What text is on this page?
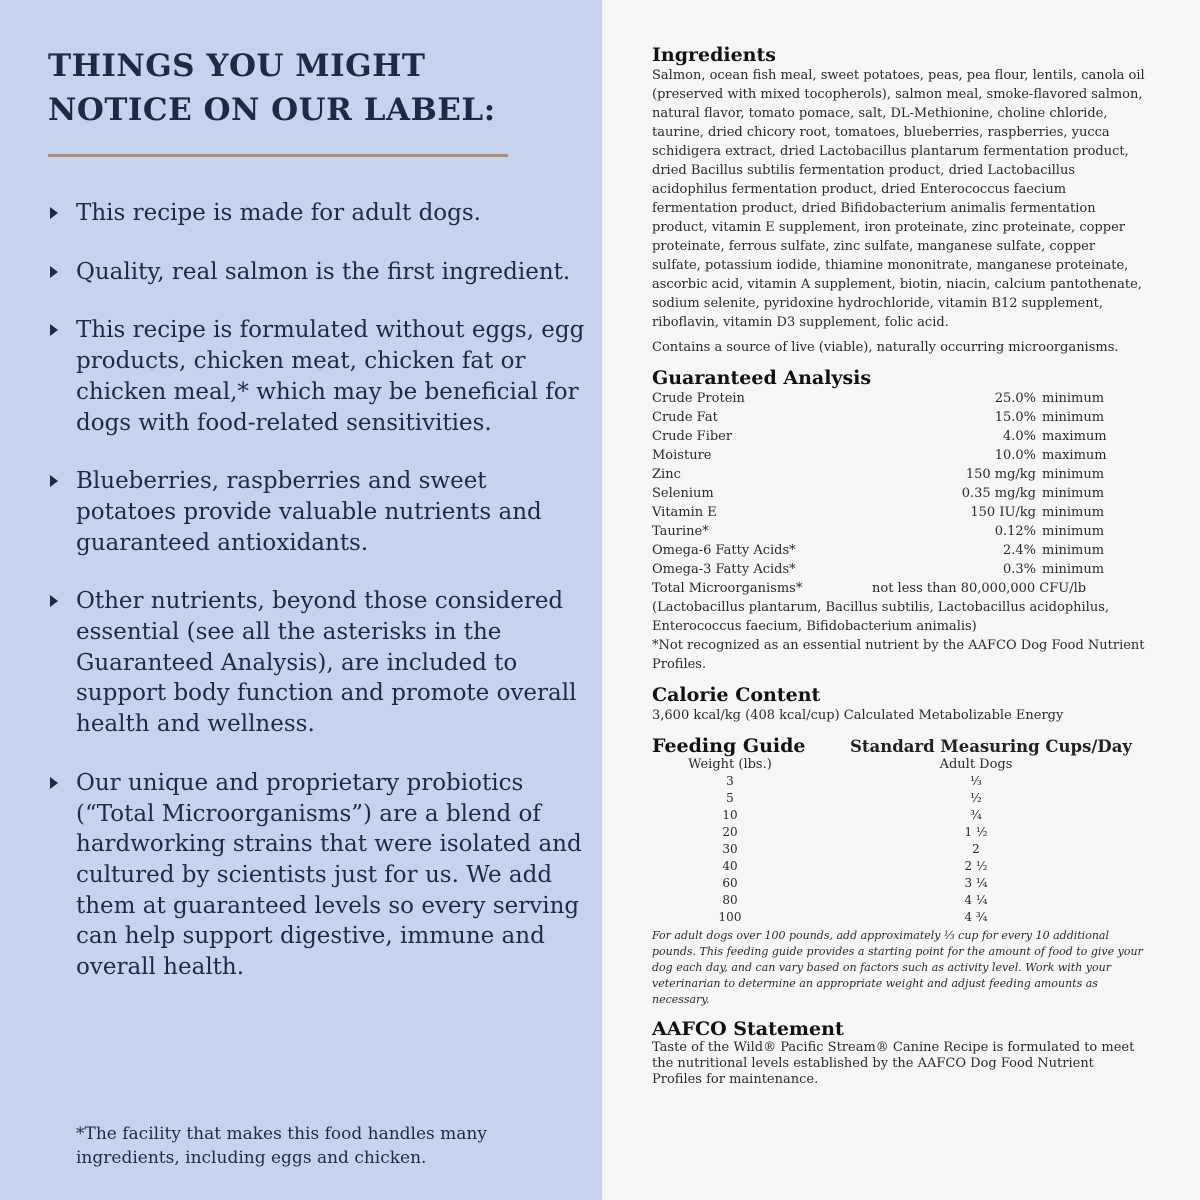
THINGS YOU MIGHT
NOTICE ON OUR LABEL:
This recipe is made for adult dogs.
Quality, real salmon is the first ingredient.
This recipe is formulated without eggs, egg products, chicken meat, chicken fat or chicken meal,* which may be beneficial for dogs with food-related sensitivities.
Blueberries, raspberries and sweet potatoes provide valuable nutrients and guaranteed antioxidants.
Other nutrients, beyond those considered essential (see all the asterisks in the Guaranteed Analysis), are included to support body function and promote overall health and wellness.
Our unique and proprietary probiotics (“Total Microorganisms”) are a blend of hardworking strains that were isolated and cultured by scientists just for us. We add them at guaranteed levels so every serving can help support digestive, immune and overall health.
*The facility that makes this food handles many ingredients, including eggs and chicken.
Ingredients
Salmon, ocean fish meal, sweet potatoes, peas, pea flour, lentils, canola oil (preserved with mixed tocopherols), salmon meal, smoke-flavored salmon, natural flavor, tomato pomace, salt, DL-Methionine, choline chloride, taurine, dried chicory root, tomatoes, blueberries, raspberries, yucca schidigera extract, dried Lactobacillus plantarum fermentation product, dried Bacillus subtilis fermentation product, dried Lactobacillus acidophilus fermentation product, dried Enterococcus faecium fermentation product, dried Bifidobacterium animalis fermentation product, vitamin E supplement, iron proteinate, zinc proteinate, copper proteinate, ferrous sulfate, zinc sulfate, manganese sulfate, copper sulfate, potassium iodide, thiamine mononitrate, manganese proteinate, ascorbic acid, vitamin A supplement, biotin, niacin, calcium pantothenate, sodium selenite, pyridoxine hydrochloride, vitamin B12 supplement, riboflavin, vitamin D3 supplement, folic acid.
Contains a source of live (viable), naturally occurring microorganisms.
Guaranteed Analysis
Crude Protein	25.0% minimum
Crude Fat	15.0% minimum
Crude Fiber	4.0% maximum
Moisture	10.0% maximum
Zinc	150 mg/kg minimum
Selenium	0.35 mg/kg minimum
Vitamin E	150 IU/kg minimum
Taurine*	0.12% minimum
Omega-6 Fatty Acids*	2.4% minimum
Omega-3 Fatty Acids*	0.3% minimum
Total Microorganisms*	not less than 80,000,000 CFU/lb
(Lactobacillus plantarum, Bacillus subtilis, Lactobacillus acidophilus, Enterococcus faecium, Bifidobacterium animalis)
*Not recognized as an essential nutrient by the AAFCO Dog Food Nutrient Profiles.
Calorie Content
3,600 kcal/kg (408 kcal/cup) Calculated Metabolizable Energy
Feeding Guide	Standard Measuring Cups/Day
Weight (lbs.)	Adult Dogs
3	⅓
5	½
10	¾
20	1 ½
30	2
40	2 ½
60	3 ¼
80	4 ¼
100	4 ¾
For adult dogs over 100 pounds, add approximately ⅓ cup for every 10 additional pounds. This feeding guide provides a starting point for the amount of food to give your dog each day, and can vary based on factors such as activity level. Work with your veterinarian to determine an appropriate weight and adjust feeding amounts as necessary.
AAFCO Statement
Taste of the Wild® Pacific Stream® Canine Recipe is formulated to meet the nutritional levels established by the AAFCO Dog Food Nutrient Profiles for maintenance.
